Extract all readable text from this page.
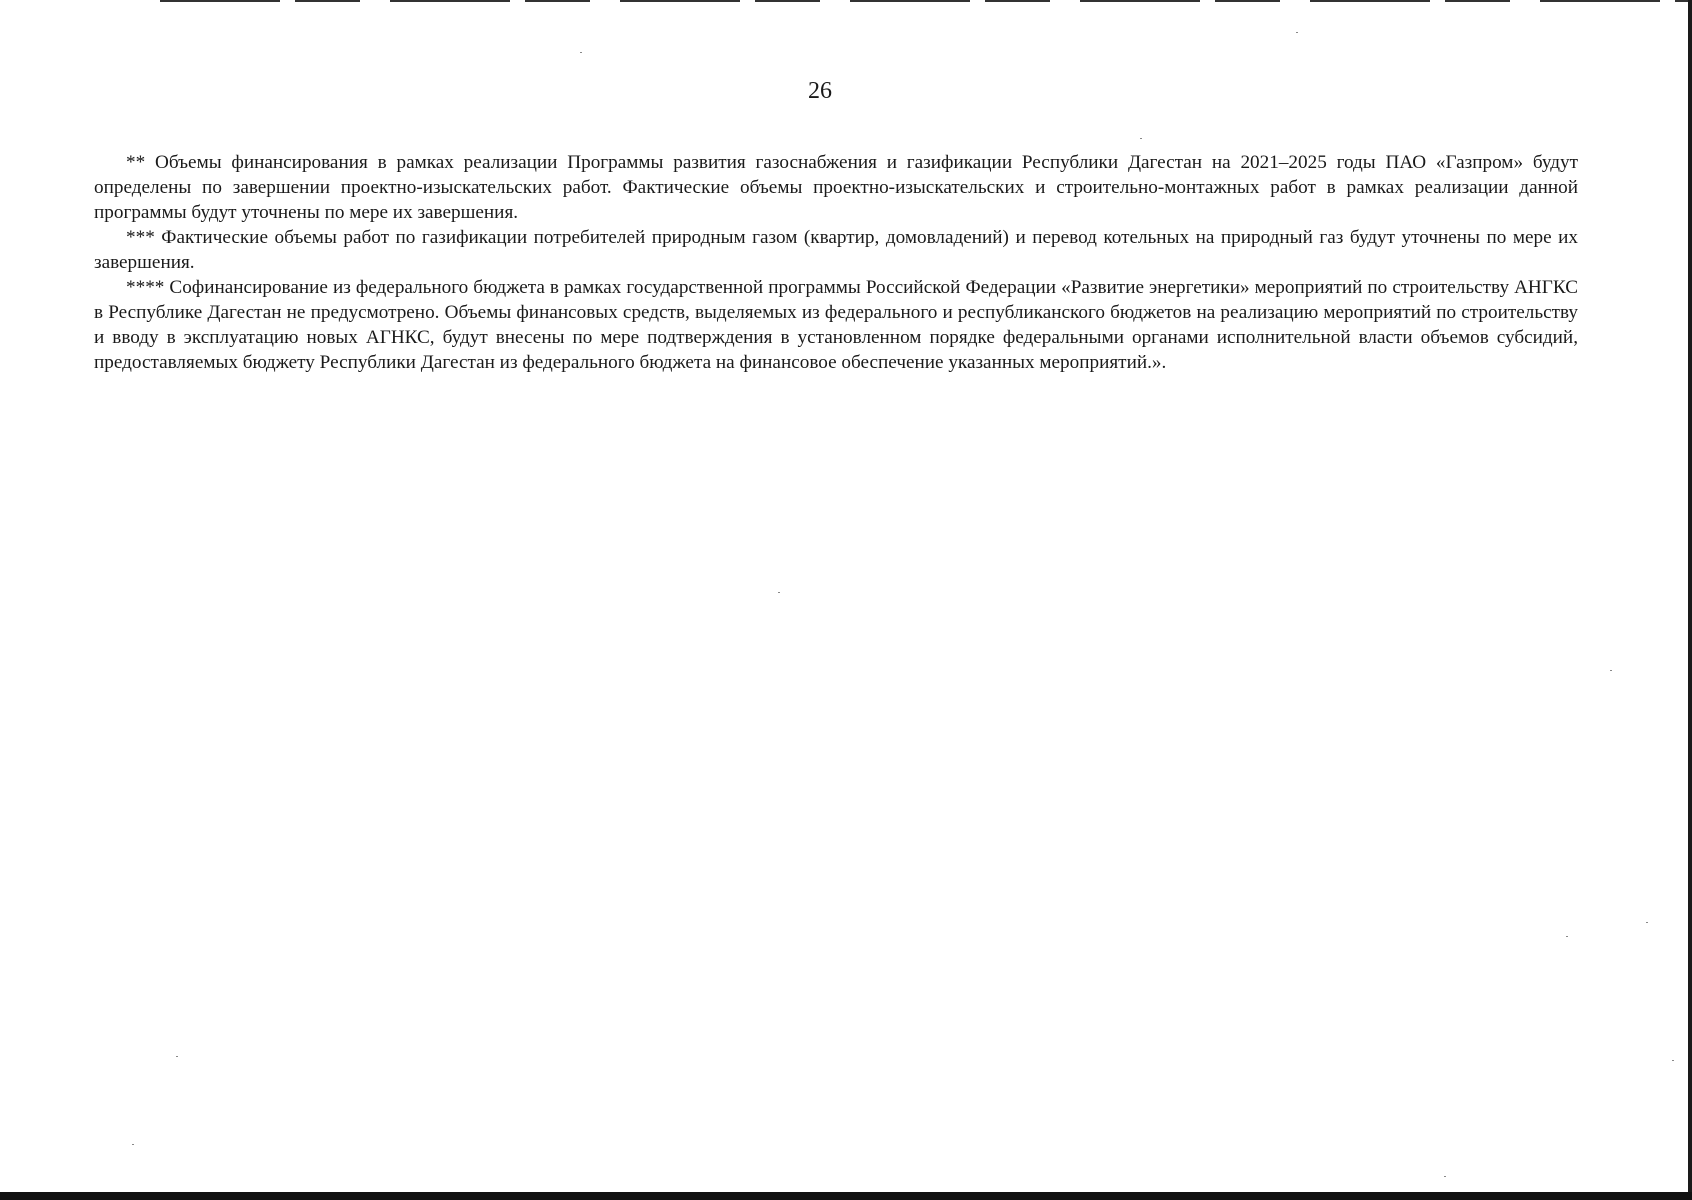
26

** Объемы финансирования в рамках реализации Программы развития газоснабжения и газификации Республики Дагестан на 2021–2025 годы ПАО «Газпром» будут определены по завершении проектно-изыскательских работ. Фактические объемы проектно-изыскательских и строительно-монтажных работ в рамках реализации данной программы будут уточнены по мере их завершения.

*** Фактические объемы работ по газификации потребителей природным газом (квартир, домовладений) и перевод котельных на природный газ будут уточнены по мере их завершения.

**** Софинансирование из федерального бюджета в рамках государственной программы Российской Федерации «Развитие энергетики» мероприятий по строительству АНГКС в Республике Дагестан не предусмотрено. Объемы финансовых средств, выделяемых из федерального и республиканского бюджетов на реализацию мероприятий по строительству и вводу в эксплуатацию новых АГНКС, будут внесены по мере подтверждения в установленном порядке федеральными органами исполнительной власти объемов субсидий, предоставляемых бюджету Республики Дагестан из федерального бюджета на финансовое обеспечение указанных мероприятий.».
